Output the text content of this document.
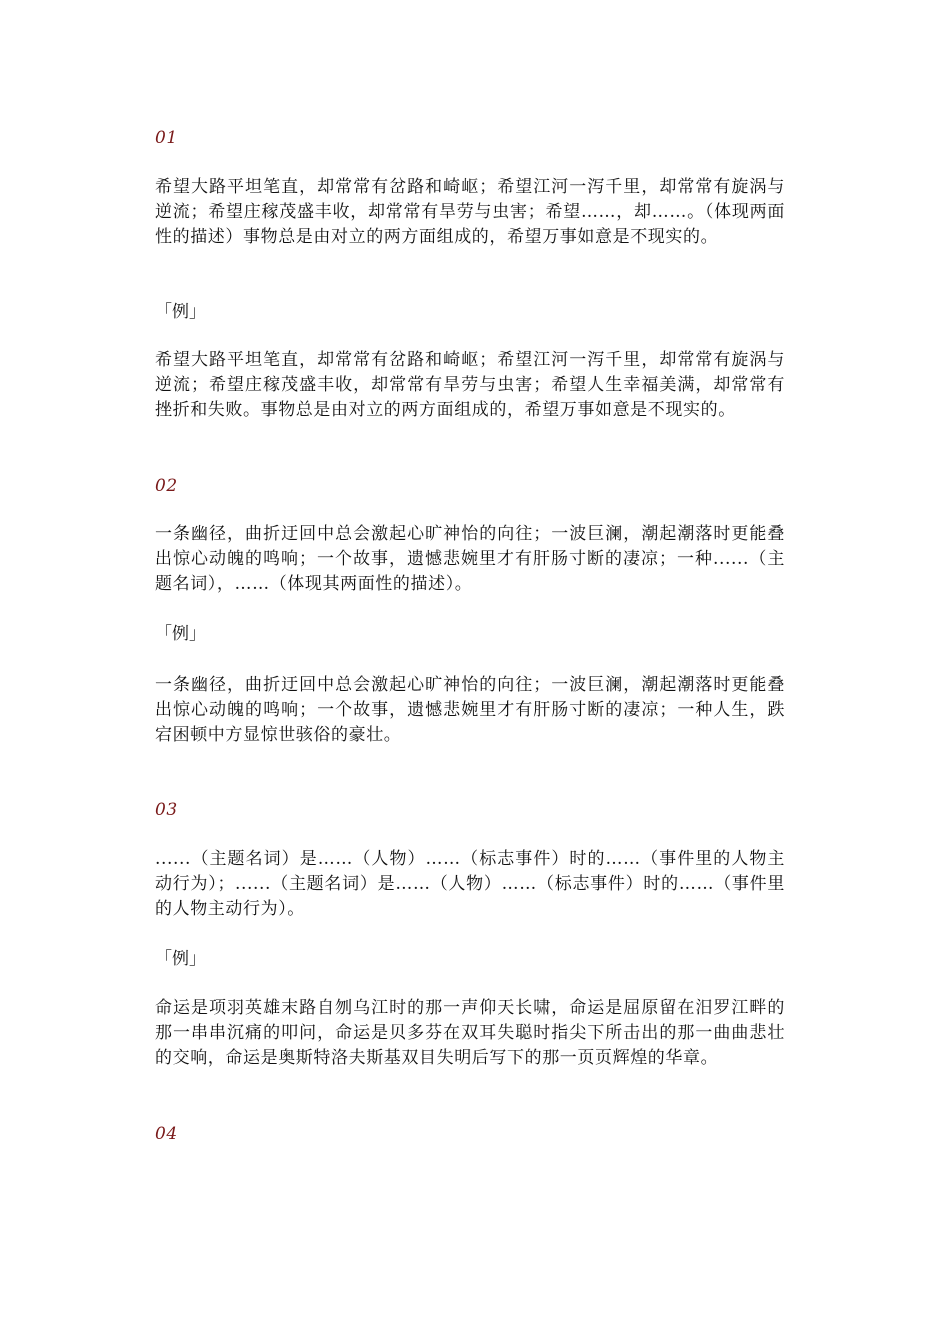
01

希望大路平坦笔直，却常常有岔路和崎岖；希望江河一泻千里，却常常有旋涡与逆流；希望庄稼茂盛丰收，却常常有旱劳与虫害；希望……，却……。（体现两面性的描述）事物总是由对立的两方面组成的，希望万事如意是不现实的。

「例」

希望大路平坦笔直，却常常有岔路和崎岖；希望江河一泻千里，却常常有旋涡与逆流；希望庄稼茂盛丰收，却常常有旱劳与虫害；希望人生幸福美满，却常常有挫折和失败。事物总是由对立的两方面组成的，希望万事如意是不现实的。

02

一条幽径，曲折迂回中总会激起心旷神怡的向往；一波巨澜，潮起潮落时更能叠出惊心动魄的鸣响；一个故事，遗憾悲婉里才有肝肠寸断的凄凉；一种......（主题名词），……（体现其两面性的描述）。

「例」

一条幽径，曲折迂回中总会激起心旷神怡的向往；一波巨澜，潮起潮落时更能叠出惊心动魄的鸣响；一个故事，遗憾悲婉里才有肝肠寸断的凄凉；一种人生，跌宕困顿中方显惊世骇俗的豪壮。

03

......（主题名词）是……（人物）……（标志事件）时的……（事件里的人物主动行为）；......（主题名词）是……（人物）……（标志事件）时的……（事件里的人物主动行为）。

「例」

命运是项羽英雄末路自刎乌江时的那一声仰天长啸，命运是屈原留在汨罗江畔的那一串串沉痛的叩问，命运是贝多芬在双耳失聪时指尖下所击出的那一曲曲悲壮的交响，命运是奥斯特洛夫斯基双目失明后写下的那一页页辉煌的华章。

04
